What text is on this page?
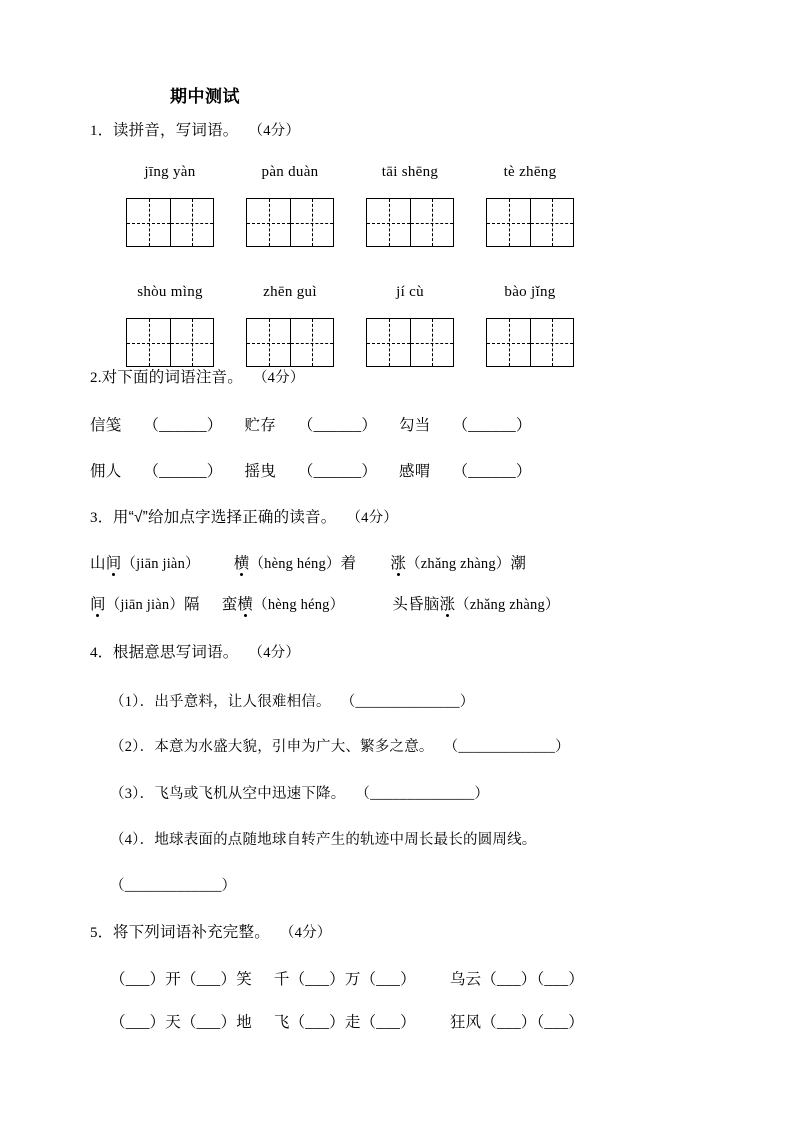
期中测试
1．读拼音，写词语。 （4分）
jīng yàn	pàn duàn	tāi shēng	tè zhēng
shòu mìng	zhēn guì	jí cù	bào jǐng
2.对下面的词语注音。 （4分）
信笺 （______） 贮存 （______） 勾当 （______）
佣人 （______） 摇曳 （______） 感喟 （______）
3．用“√”给加点字选择正确的读音。 （4分）
山间（jiān jiàn） 横（hèng héng）着 涨（zhǎng zhàng）潮
间（jiān jiàn）隔 蛮横（hèng héng）	头昏脑涨（zhǎng zhàng）
4．根据意思写词语。 （4分）
（1）．出乎意料，让人很难相信。 （______________）
（2）．本意为水盛大貌，引申为广大、繁多之意。 （_____________）
（3）．飞鸟或飞机从空中迅速下降。 （______________）
（4）．地球表面的点随地球自转产生的轨迹中周长最长的圆周线。
（_____________）
5．将下列词语补充完整。 （4分）
（___）开（___）笑 千（___）万（___） 乌云（___）（___）
（___）天（___）地 飞（___）走（___） 狂风（___）（___）
